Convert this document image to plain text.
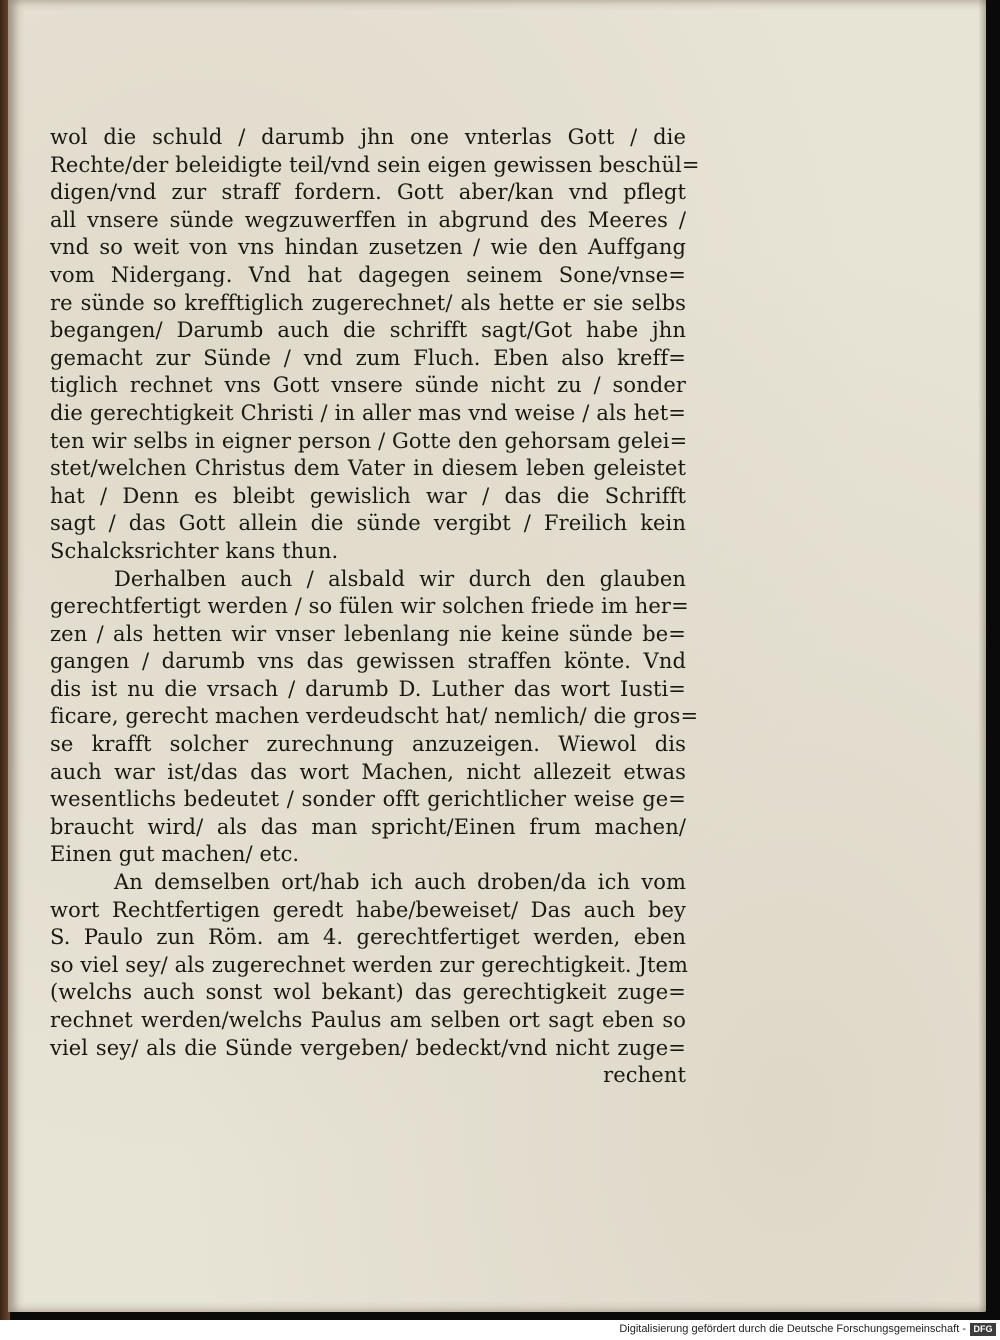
wol die schuld / darumb jhn one vnterlas Gott / die
Rechte/der beleidigte teil/vnd sein eigen gewissen beschül=
digen/vnd zur straff fordern. Gott aber/kan vnd pflegt
all vnsere sünde wegzuwerffen in abgrund des Meeres /
vnd so weit von vns hindan zusetzen / wie den Auffgang
vom Nidergang. Vnd hat dagegen seinem Sone/vnse=
re sünde so krefftiglich zugerechnet/ als hette er sie selbs
begangen/ Darumb auch die schrifft sagt/Got habe jhn
gemacht zur Sünde / vnd zum Fluch. Eben also kreff=
tiglich rechnet vns Gott vnsere sünde nicht zu / sonder
die gerechtigkeit Christi / in aller mas vnd weise / als het=
ten wir selbs in eigner person / Gotte den gehorsam gelei=
stet/welchen Christus dem Vater in diesem leben geleistet
hat / Denn es bleibt gewislich war / das die Schrifft
sagt / das Gott allein die sünde vergibt / Freilich kein
Schalcksrichter kans thun.
Derhalben auch / alsbald wir durch den glauben
gerechtfertigt werden / so fülen wir solchen friede im her=
zen / als hetten wir vnser lebenlang nie keine sünde be=
gangen / darumb vns das gewissen straffen könte. Vnd
dis ist nu die vrsach / darumb D. Luther das wort Iusti=
ficare, gerecht machen verdeudscht hat/ nemlich/ die gros=
se krafft solcher zurechnung anzuzeigen. Wiewol dis
auch war ist/das das wort Machen, nicht allezeit etwas
wesentlichs bedeutet / sonder offt gerichtlicher weise ge=
braucht wird/ als das man spricht/Einen frum machen/
Einen gut machen/ etc.
An demselben ort/hab ich auch droben/da ich vom
wort Rechtfertigen geredt habe/beweiset/ Das auch bey
S. Paulo zun Röm. am 4. gerechtfertiget werden, eben
so viel sey/ als zugerechnet werden zur gerechtigkeit. Jtem
(welchs auch sonst wol bekant) das gerechtigkeit zuge=
rechnet werden/welchs Paulus am selben ort sagt eben so
viel sey/ als die Sünde vergeben/ bedeckt/vnd nicht zuge=
rechent
Digitalisierung gefördert durch die Deutsche Forschungsgemeinschaft - DFG
